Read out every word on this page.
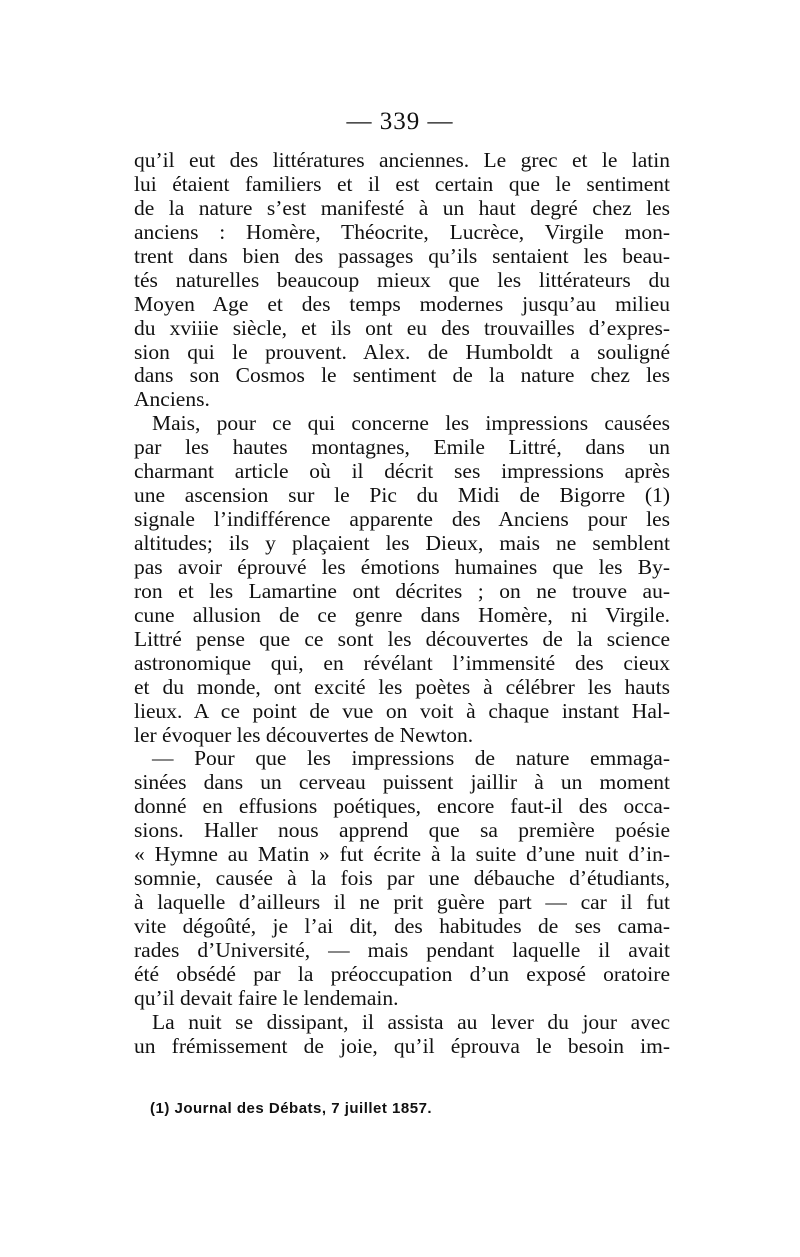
— 339 —
qu’il eut des littératures anciennes. Le grec et le latin
lui étaient familiers et il est certain que le sentiment
de la nature s’est manifesté à un haut degré chez les
anciens : Homère, Théocrite, Lucrèce, Virgile mon-
trent dans bien des passages qu’ils sentaient les beau-
tés naturelles beaucoup mieux que les littérateurs du
Moyen Age et des temps modernes jusqu’au milieu
du xviiie siècle, et ils ont eu des trouvailles d’expres-
sion qui le prouvent. Alex. de Humboldt a souligné
dans son Cosmos le sentiment de la nature chez les
Anciens.
Mais, pour ce qui concerne les impressions causées
par les hautes montagnes, Emile Littré, dans un
charmant article où il décrit ses impressions après
une ascension sur le Pic du Midi de Bigorre (1)
signale l’indifférence apparente des Anciens pour les
altitudes; ils y plaçaient les Dieux, mais ne semblent
pas avoir éprouvé les émotions humaines que les By-
ron et les Lamartine ont décrites ; on ne trouve au-
cune allusion de ce genre dans Homère, ni Virgile.
Littré pense que ce sont les découvertes de la science
astronomique qui, en révélant l’immensité des cieux
et du monde, ont excité les poètes à célébrer les hauts
lieux. A ce point de vue on voit à chaque instant Hal-
ler évoquer les découvertes de Newton.
— Pour que les impressions de nature emmaga-
sinées dans un cerveau puissent jaillir à un moment
donné en effusions poétiques, encore faut-il des occa-
sions. Haller nous apprend que sa première poésie
« Hymne au Matin » fut écrite à la suite d’une nuit d’in-
somnie, causée à la fois par une débauche d’étudiants,
à laquelle d’ailleurs il ne prit guère part — car il fut
vite dégoûté, je l’ai dit, des habitudes de ses cama-
rades d’Université, — mais pendant laquelle il avait
été obsédé par la préoccupation d’un exposé oratoire
qu’il devait faire le lendemain.
La nuit se dissipant, il assista au lever du jour avec
un frémissement de joie, qu’il éprouva le besoin im-
(1) Journal des Débats, 7 juillet 1857.
